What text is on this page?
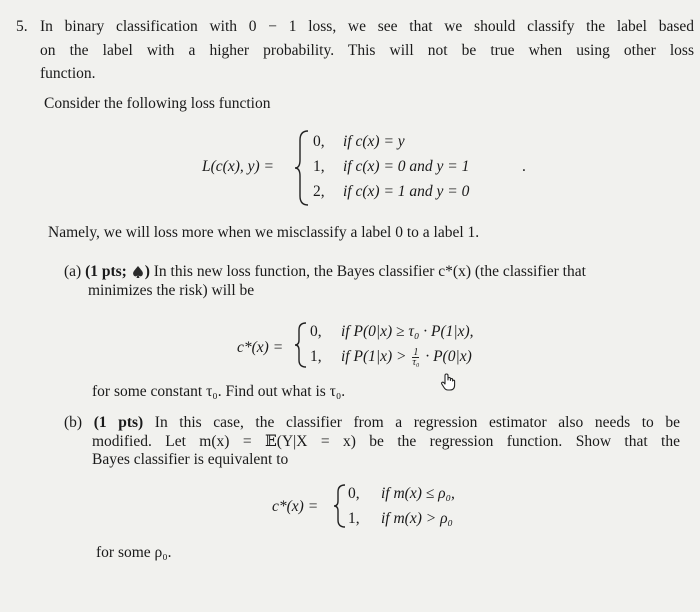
5. In binary classification with 0 − 1 loss, we see that we should classify the label based
on the label with a higher probability. This will not be true when using other loss
function.
Consider the following loss function
L(c(x), y) =
0, if c(x) = y
1, if c(x) = 0 and y = 1
2, if c(x) = 1 and y = 0
.
Namely, we will loss more when we misclassify a label 0 to a label 1.
(a) (1 pts; ) In this new loss function, the Bayes classifier c*(x) (the classifier that
minimizes the risk) will be
c*(x) =
0, if P(0|x) ≥ τ₀ · P(1|x),
1, if $P(1|x) > \frac{1}{\text{τ₀}} \cdot P(0|x)$
for some constant τ₀. Find out what is τ₀.
(b) (1 pts) In this case, the classifier from a regression estimator also needs to be
modified. Let m(x) = 𝔼(Y|X = x) be the regression function. Show that the
Bayes classifier is equivalent to
c*(x) =
0, if m(x) ≤ ρ₀,
1, if m(x) > ρ₀
for some ρ₀.
